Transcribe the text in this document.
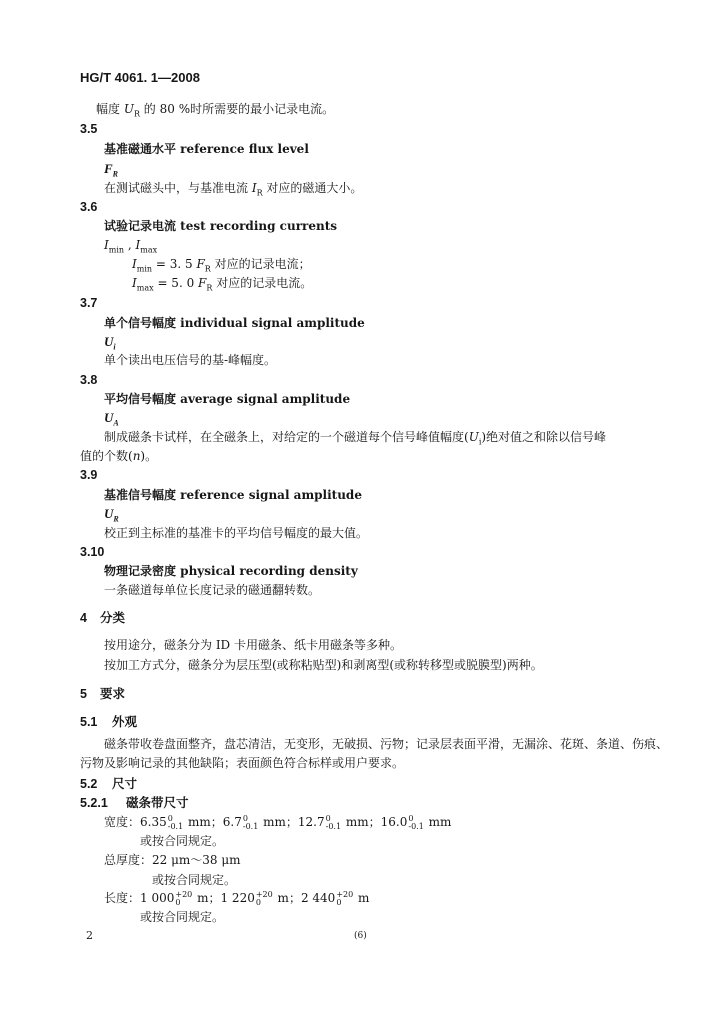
HG/T 4061. 1—2008
幅度 $U_R$ 的 80 %时所需要的最小记录电流。
3.5
基准磁通水平 reference flux level
$F_R$
在测试磁头中，与基准电流 $I_R$ 对应的磁通大小。
3.6
试验记录电流 test recording currents
$I_{min}$ , $I_{max}$
$I_{min} = 3$. 5 $F_R$ 对应的记录电流；
$I_{max} = 5$. 0 $F_R$ 对应的记录电流。
3.7
单个信号幅度 individual signal amplitude
$U_i$
单个读出电压信号的基-峰幅度。
3.8
平均信号幅度 average signal amplitude
$U_A$
制成磁条卡试样，在全磁条上，对给定的一个磁道每个信号峰值幅度$(U_i)$绝对值之和除以信号峰
值的个数(n)。
3.9
基准信号幅度 reference signal amplitude
$U_R$
校正到主标准的基准卡的平均信号幅度的最大值。
3.10
物理记录密度 physical recording density
一条磁道每单位长度记录的磁通翻转数。
4 分类
按用途分，磁条分为 ID 卡用磁条、纸卡用磁条等多种。
按加工方式分，磁条分为层压型(或称粘贴型)和剥离型(或称转移型或脱膜型)两种。
5 要求
5.1 外观
磁条带收卷盘面整齐，盘芯清洁，无变形，无破损、污物；记录层表面平滑，无漏涂、花斑、条道、伤痕、
污物及影响记录的其他缺陷；表面颜色符合标样或用户要求。
5.2 尺寸
5.2.1 磁条带尺寸
宽度：6.35 0
-0.1 mm；6.7 0
-0.1 mm；12.7 0
-0.1 mm；16.0 0
-0.1 mm
或按合同规定。
总厚度：22 μm～38 μm
或按合同规定。
长度：1 000 +20
0	m；1 220 +20
0	m；2 440 +20
0	m
或按合同规定。
2	(6)
